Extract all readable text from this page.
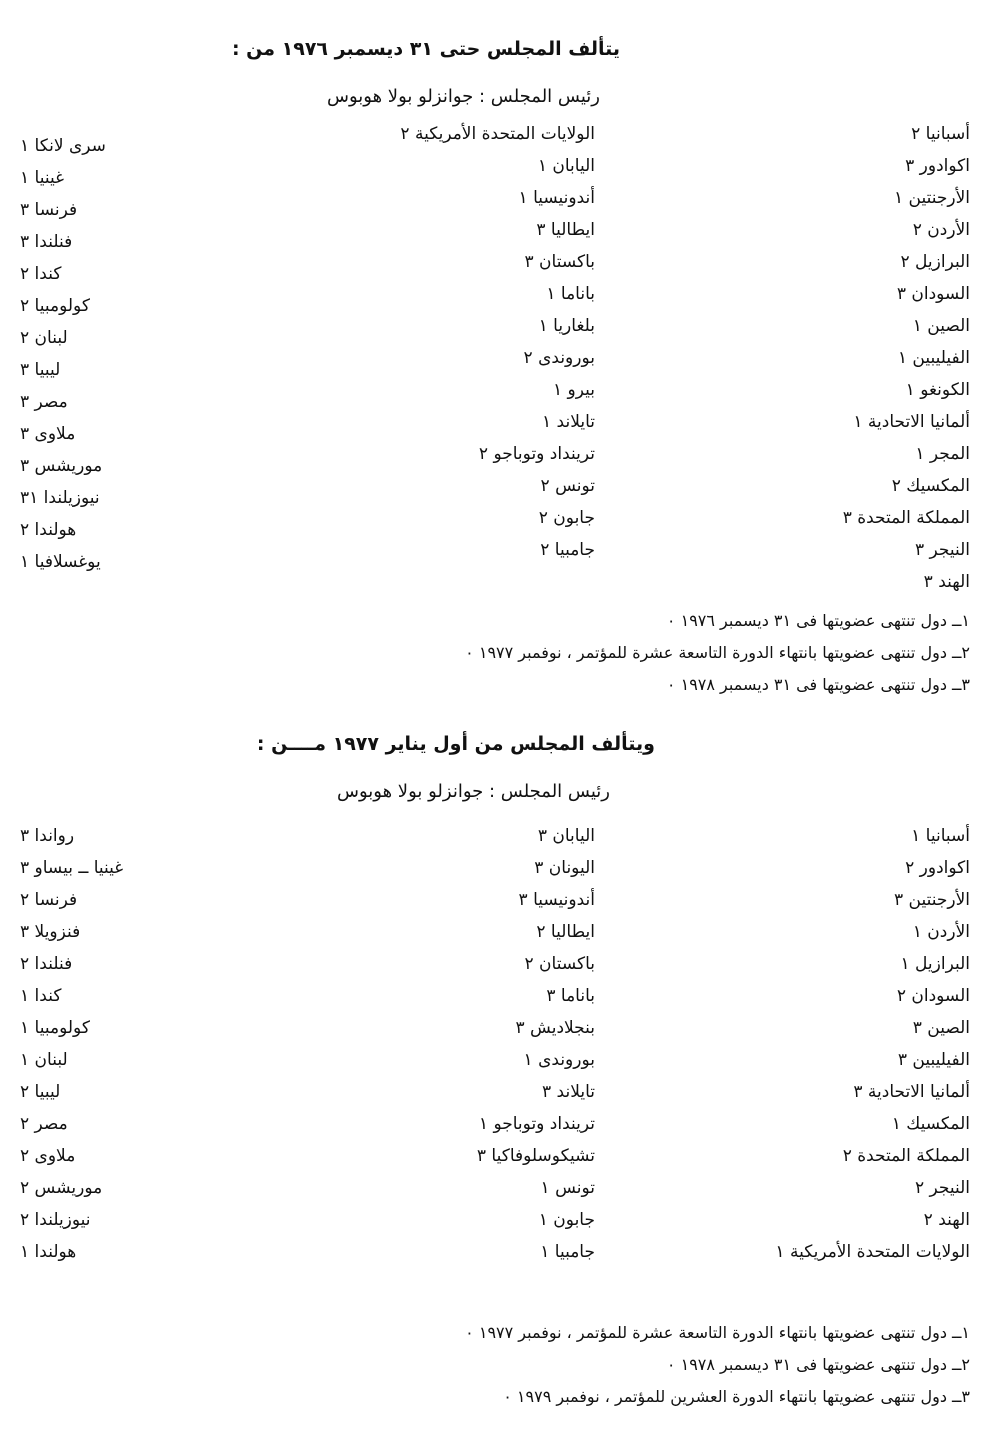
يتألف المجلس حتى ٣١ ديسمبر ١٩٧٦ من :
رئيس المجلس : جوانزلو بولا هوبوس
أسبانيا ٢
اكوادور ٣
الأرجنتين ١
الأردن ٢
البرازيل ٢
السودان ٣
الصين ١
الفيليبين ١
الكونغو ١
ألمانيا الاتحادية ١
المجر ١
المكسيك ٢
المملكة المتحدة ٣
النيجر ٣
الهند ٣
الولايات المتحدة الأمريكية ٢
اليابان ١
أندونيسيا ١
ايطاليا ٣
باكستان ٣
باناما ١
بلغاريا ١
بوروندى ٢
بيرو ١
تايلاند ١
ترينداد وتوباجو ٢
تونس ٢
جابون ٢
جامبيا ٢
سرى لانكا ١
غينيا ١
فرنسا ٣
فنلندا ٣
كندا ٢
كولومبيا ٢
لبنان ٢
ليبيا ٣
مصر ٣
ملاوى ٣
موريشس ٣
نيوزيلندا ٣١
هولندا ٢
يوغسلافيا ١
١ــ دول تنتهى عضويتها فى ٣١ ديسمبر ١٩٧٦ ٠
٢ــ دول تنتهى عضويتها بانتهاء الدورة التاسعة عشرة للمؤتمر ، نوفمبر ١٩٧٧ ٠
٣ــ دول تنتهى عضويتها فى ٣١ ديسمبر ١٩٧٨ ٠
ويتألف المجلس من أول يناير ١٩٧٧ مــــن :
رئيس المجلس : جوانزلو بولا هوبوس
أسبانيا ١
اكوادور ٢
الأرجنتين ٣
الأردن ١
البرازيل ١
السودان ٢
الصين ٣
الفيليبين ٣
ألمانيا الاتحادية ٣
المكسيك ١
المملكة المتحدة ٢
النيجر ٢
الهند ٢
الولايات المتحدة الأمريكية ١
اليابان ٣
اليونان ٣
أندونيسيا ٣
ايطاليا ٢
باكستان ٢
باناما ٣
بنجلاديش ٣
بوروندى ١
تايلاند ٣
ترينداد وتوباجو ١
تشيكوسلوفاكيا ٣
تونس ١
جابون ١
جامبيا ١
رواندا ٣
غينيا ــ بيساو ٣
فرنسا ٢
فنزويلا ٣
فنلندا ٢
كندا ١
كولومبيا ١
لبنان ١
ليبيا ٢
مصر ٢
ملاوى ٢
موريشس ٢
نيوزيلندا ٢
هولندا ١
١ــ دول تنتهى عضويتها بانتهاء الدورة التاسعة عشرة للمؤتمر ، نوفمبر ١٩٧٧ ٠
٢ــ دول تنتهى عضويتها فى ٣١ ديسمبر ١٩٧٨ ٠
٣ــ دول تنتهى عضويتها بانتهاء الدورة العشرين للمؤتمر ، نوفمبر ١٩٧٩ ٠
